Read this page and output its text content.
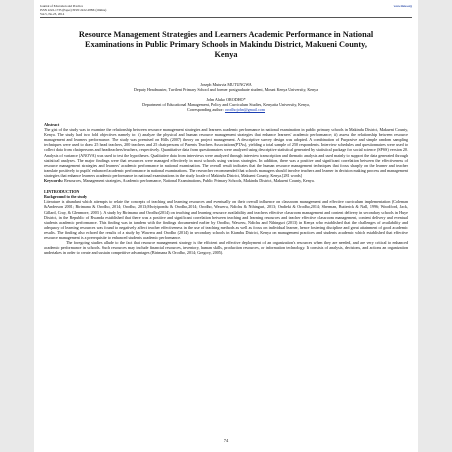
Journal of Education and Practice
ISSN 2222-1735 (Paper) ISSN 2222-288X (Online)
Vol.5, No.23, 2014
www.iiste.org
Resource Management Strategies and Learners Academic Performance in National Examinations in Public Primary Schools in Makindu District, Makueni County, Kenya
Joseph Mutuvia MUTUNGWA
Deputy Headmaster, Tuvileni Primary School and former postgraduate student, Mount Kenya University, Kenya
John Aluko ORODHO*
Department of Educational Management, Policy and Curriculum Studies, Kenyatta University, Kenya,
Corresponding author: orodhojohn@gmail.com
Abstract
The gist of the study was to examine the relationship between resource management strategies and learners academic performance in national examination in public primary schools in Makindu District, Makueni County, Kenya. The study had two fold objectives namely to: i) analyze the physical and human resource management strategies that enhance learners' academic performance; ii) assess the relationship between resource management and learners performance. The study was premised on Hills (2007) theory on project management. A descriptive survey design was adopted. A combination of Purposive and simple random sampling techniques were used to draw 25 head teachers, 200 teachers and 25 chairpersons of Parents Teachers Associations(PTAs), yielding a total sample of 250 respondents. Interview schedules and questionnaires were used to collect data from chairpersons and headteachers/teachers, respectively. Quantitative data from questionnaires were analyzed using descriptive statistical generated by statistical package for social science (SPSS) version 20. Analysis of variance (ANOVA) was used to test the hypotheses. Qualitative data from interviews were analyzed through interview transcription and thematic analysis and used mainly to support the data generated through statistical analyses. The major findings were that resources were managed effectively in most schools using various strategies. In addition, there was a positive and significant correlation between the effectiveness of resource management strategies and learners' academic performance in national examination. The overall result indicates that the human resource management techniques that focus sharply on the learner and teacher translate positively to pupils' enhanced academic performance in national examinations. The researcher recommended that schools managers should involve teachers and learner in decision making process and management strategies that enhance learners academic performance in national examinations in the study locale of Makindu District, Makueni County, Kenya.[281 words]
Keywords: Resources, Management strategies, Academic performance, National Examinations, Public Primary Schools, Makindu District, Makueni County, Kenya.
I.INTRODUCTION
Background to the study
Literature is abundant which attempts to relate the concepts of teaching and learning resources and eventually on their overall influence on classroom management and effective curriculum implementation (Coleman &Anderson 2001; Birimana & Orodho, 2014; Orodho, 2013;Mwiyipondu & Orodho,2014; Orodho, Waweru, Ndichu & Nthinguri, 2013; Ondieki & Orodho,2014; Sherman, Butterick & Nall, 1996; Woodford, Jack, Gillard, Cray, & Glenmore, 2003 ). A study by Birimana and Orodho(2014) on teaching and learning resource availability and teachers effective classroom management and content delivery in secondary schools in Huye District, in the Republic of Rwanda established that there was a positive and significant correlation between teaching and learning resources and teacher effective classroom management, content delivery and eventual students academic performance. This finding was in tandem with the findings documented earlier by Orodho, Waweru, Ndichu and Nthinguri (2013) in Kenya who established that the challenges of availability and adequacy of learning resources was found to negatively affect teacher effectiveness in the use of teaching methods as well as focus on individual learner, hence fostering discipline and great attainment of good academic results. The finding also echoed the results of a study by Waweru and Orodho (2014) in secondary schools in Kiambu District, Kenya on management practices and students academic which established that effective resource management is a prerequisite to enhanced students academic performance.
The foregoing studies allude to the fact that resource management strategy is the efficient and effective deployment of an organization's resources when they are needed, and are very critical to enhanced academic performance in schools. Such resources may include financial resources, inventory, human skills, production resources, or information technology. It consists of analysis, decisions, and actions an organization undertakes in order to create and sustain competitive advantages (Birimana & Orodho, 2014; Gregory, 2005).
74
